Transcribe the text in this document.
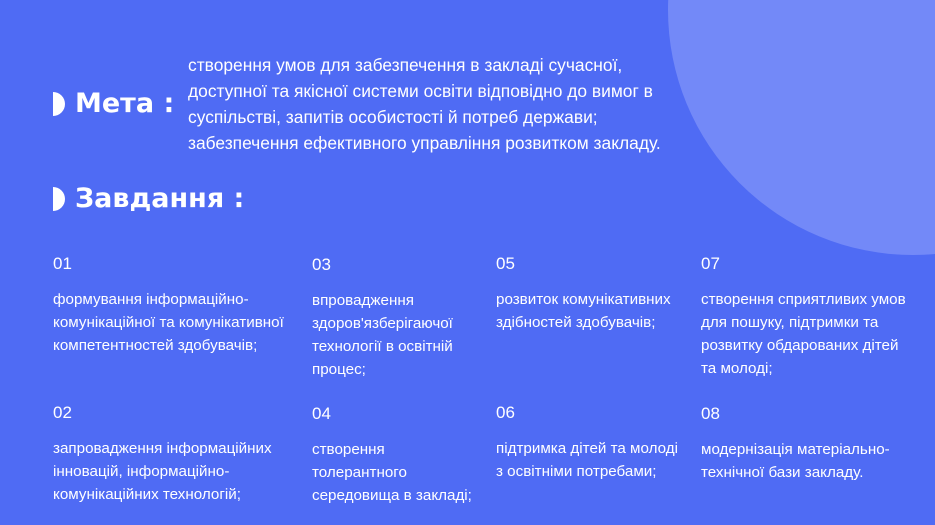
Мета :
створення умов для забезпечення в закладі сучасної,
доступної та якісної системи освіти відповідно до вимог в
суспільстві, запитів особистості й потреб держави;
забезпечення ефективного управління розвитком закладу.
Завдання :
01
формування інформаційно-
комунікаційної та комунікативної
компетентностей здобувачів;
02
запровадження інформаційних
інновацій, інформаційно-
комунікаційних технологій;
03
впровадження
здоров'язберігаючої
технології в освітній
процес;
04
створення
толерантного
середовища в закладі;
05
розвиток комунікативних
здібностей здобувачів;
06
підтримка дітей та молоді
з освітніми потребами;
07
створення сприятливих умов
для пошуку, підтримки та
розвитку обдарованих дітей
та молоді;
08
модернізація матеріально-
технічної бази закладу.
